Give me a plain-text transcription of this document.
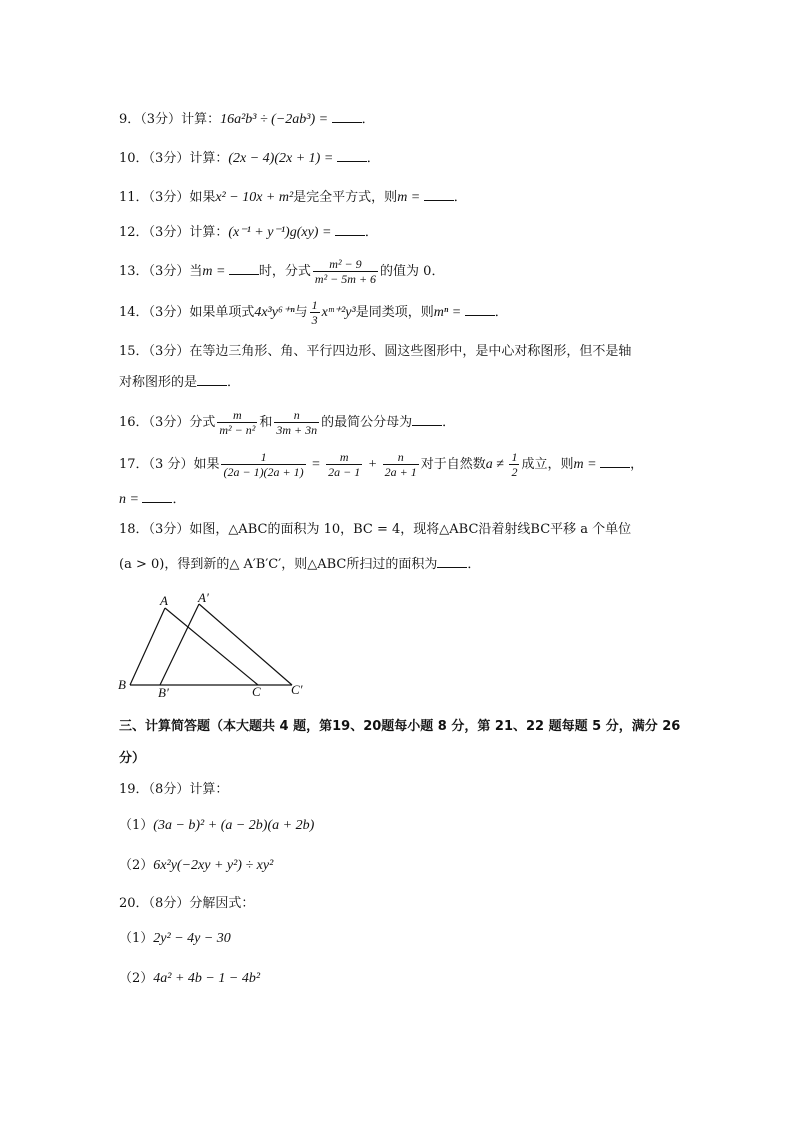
9．（3分）计算：16a²b³ ÷ (−2ab³) = ．
10．（3分）计算：(2x − 4)(2x + 1) = ．
11．（3分）如果x² − 10x + m²是完全平方式，则m = ．
12．（3分）计算：(x⁻¹ + y⁻¹)g(xy) = ．
13．（3分）当m = 时，分式 $\frac{\text{m² − 9}}{\text{m² − 5m + 6}}$ 的值为 0．
14．（3分）如果单项式4x³y⁶⁺ⁿ与 $\frac{1}{3}$ xᵐ⁺²y³是同类项，则mⁿ = ．
15．（3分）在等边三角形、角、平行四边形、圆这些图形中，是中心对称图形，但不是轴
对称图形的是 ．
16．（3分）分式 $\frac{m}{\text{m² − n²}}$ 和 $\frac{n}{3m + 3n}$ 的最简公分母为 ．
17．（3 分）如果 $\frac{1}{(2a - 1)(2a + 1)} = \frac{m}{2a - 1} + \frac{n}{2a + 1}$ 对于自然数$a \ne \frac{1}{2}$ 成立，则m = ，
n = ．
18．（3分）如图，△ABC的面积为 10，BC = 4，现将△ABC沿着射线BC平移 a 个单位
(a > 0)，得到新的△ A′B′C′，则△ABC所扫过的面积为 ．
A A′
B
B′	C C′
三、计算简答题（本大题共 4 题，第19、20题每小题 8 分，第 21、22 题每题 5 分，满分 26
分）
19．（8分）计算：
（1）(3a − b)² + (a − 2b)(a + 2b)
（2）6x²y(−2xy + y²) ÷ xy²
20．（8分）分解因式：
（1）2y² − 4y − 30
（2）4a² + 4b − 1 − 4b²
